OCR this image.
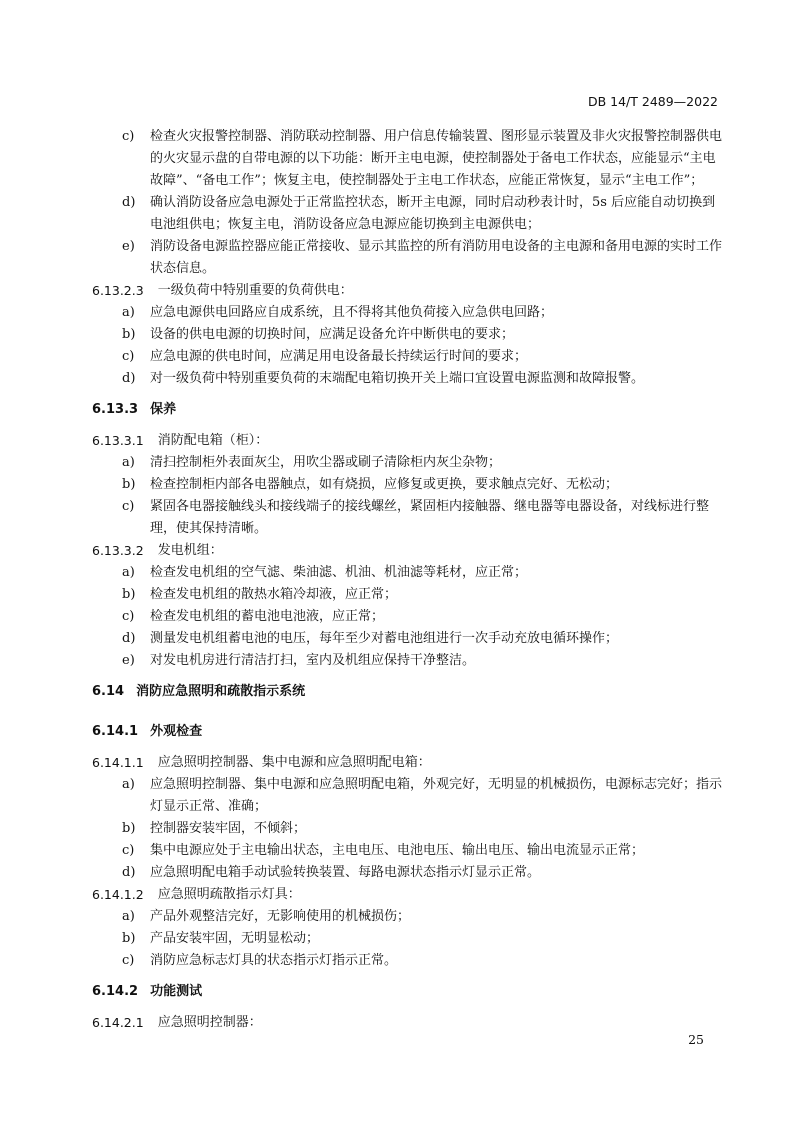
DB 14/T 2489—2022
c)	检查火灾报警控制器、消防联动控制器、用户信息传输装置、图形显示装置及非火灾报警控制器供电的火灾显示盘的自带电源的以下功能：断开主电电源，使控制器处于备电工作状态，应能显示“主电故障”、“备电工作”；恢复主电，使控制器处于主电工作状态，应能正常恢复，显示“主电工作”；
d)	确认消防设备应急电源处于正常监控状态，断开主电源，同时启动秒表计时，5s 后应能自动切换到电池组供电；恢复主电，消防设备应急电源应能切换到主电源供电；
e)	消防设备电源监控器应能正常接收、显示其监控的所有消防用电设备的主电源和备用电源的实时工作状态信息。
6.13.2.3 一级负荷中特别重要的负荷供电：
a)	应急电源供电回路应自成系统，且不得将其他负荷接入应急供电回路；
b)	设备的供电电源的切换时间，应满足设备允许中断供电的要求；
c)	应急电源的供电时间，应满足用电设备最长持续运行时间的要求；
d)	对一级负荷中特别重要负荷的末端配电箱切换开关上端口宜设置电源监测和故障报警。
6.13.3 保养
6.13.3.1 消防配电箱（柜）：
a)	清扫控制柜外表面灰尘，用吹尘器或刷子清除柜内灰尘杂物；
b)	检查控制柜内部各电器触点，如有烧损，应修复或更换，要求触点完好、无松动；
c)	紧固各电器接触线头和接线端子的接线螺丝，紧固柜内接触器、继电器等电器设备，对线标进行整理，使其保持清晰。
6.13.3.2 发电机组：
a)	检查发电机组的空气滤、柴油滤、机油、机油滤等耗材，应正常；
b)	检查发电机组的散热水箱冷却液，应正常；
c)	检查发电机组的蓄电池电池液，应正常；
d)	测量发电机组蓄电池的电压，每年至少对蓄电池组进行一次手动充放电循环操作；
e)	对发电机房进行清洁打扫，室内及机组应保持干净整洁。
6.14 消防应急照明和疏散指示系统
6.14.1 外观检查
6.14.1.1 应急照明控制器、集中电源和应急照明配电箱：
a)	应急照明控制器、集中电源和应急照明配电箱，外观完好，无明显的机械损伤，电源标志完好；指示灯显示正常、准确；
b)	控制器安装牢固，不倾斜；
c)	集中电源应处于主电输出状态，主电电压、电池电压、输出电压、输出电流显示正常；
d)	应急照明配电箱手动试验转换装置、每路电源状态指示灯显示正常。
6.14.1.2 应急照明疏散指示灯具：
a)	产品外观整洁完好，无影响使用的机械损伤；
b)	产品安装牢固，无明显松动；
c)	消防应急标志灯具的状态指示灯指示正常。
6.14.2 功能测试
6.14.2.1 应急照明控制器：
25
